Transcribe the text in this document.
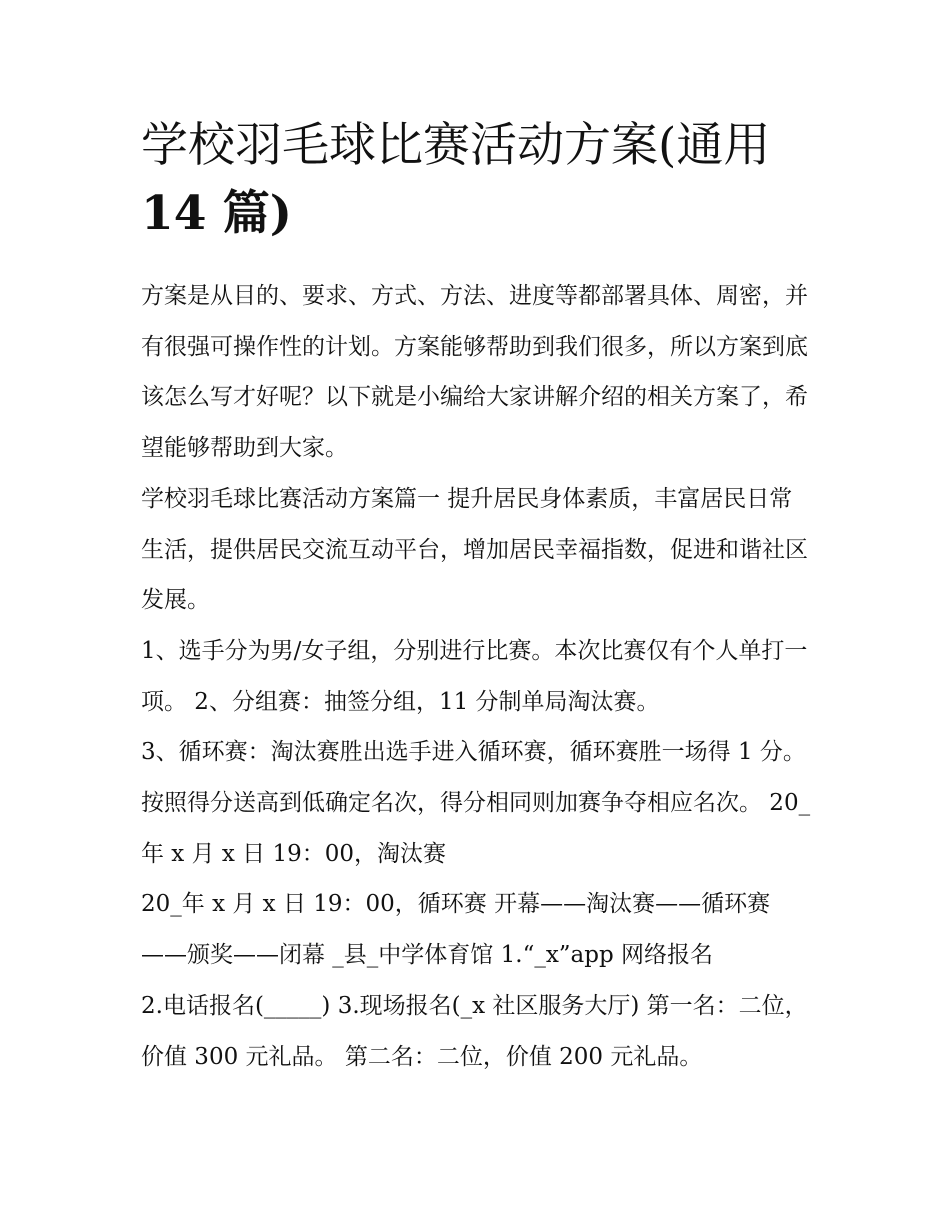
学校羽毛球比赛活动方案(通用
14 篇)

方案是从目的、要求、方式、方法、进度等都部署具体、周密，并有很强可操作性的计划。方案能够帮助到我们很多，所以方案到底该怎么写才好呢？以下就是小编给大家讲解介绍的相关方案了，希望能够帮助到大家。

学校羽毛球比赛活动方案篇一 提升居民身体素质，丰富居民日常生活，提供居民交流互动平台，增加居民幸福指数，促进和谐社区发展。

1、选手分为男/女子组，分别进行比赛。本次比赛仅有个人单打一项。 2、分组赛：抽签分组，11 分制单局淘汰赛。

3、循环赛：淘汰赛胜出选手进入循环赛，循环赛胜一场得 1 分。按照得分送高到低确定名次，得分相同则加赛争夺相应名次。 20_年 x 月 x 日 19：00，淘汰赛

20_年 x 月 x 日 19：00，循环赛 开幕——淘汰赛——循环赛——颁奖——闭幕 _县_中学体育馆 1.“_x”app 网络报名

2.电话报名(_____) 3.现场报名(_x 社区服务大厅) 第一名：二位，价值 300 元礼品。 第二名：二位，价值 200 元礼品。
